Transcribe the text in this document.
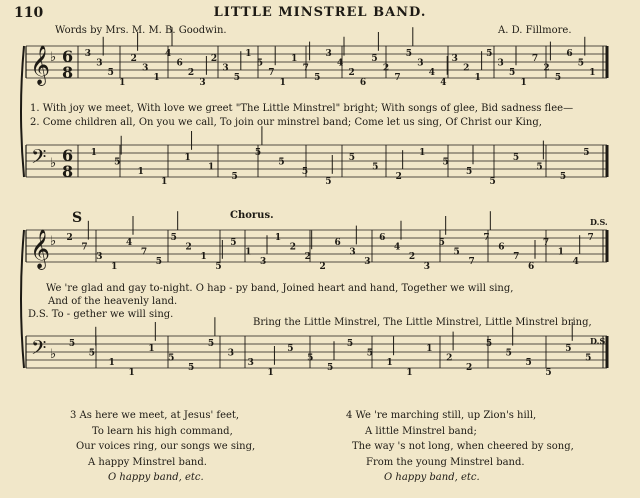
110	LITTLE MINSTREL BAND.
Words by Mrs. M. M. B. Goodwin.	A. D. Fillmore.
𝄞 ♭ 6
8
𝄢 ♭ 6
8
3
3
5
1
2
3
1
4
6
2
3
2
3
5
1
5
7
1
1
7
5
3
4
2
6
5
2
7
5
3
4
4
3
2
1
5
3
5
1
7
2
5
6
5
1
1
5
1
1
1
1
5
5
5
5
5
5
5
2
1
5
5
5
5
5
5
5
𝄞 ♭
𝄢 ♭
2
7
3
1
4
7
5
5
2
1
5
5
1
3
1
2
2
2
6
3
3
6
4
2
3
5
5
7
7
6
7
6
7
1
4
7
5
5
1
1
1
5
5
5
3
3
1
5
5
5
5
5
1
1
1
2
2
5
5
5
5
5
5
1. With joy we meet, With love we greet "The Little Minstrel" bright; With songs of glee, Bid sadness flee—
2. Come children all, On you we call, To join our minstrel band; Come let us sing, Of Christ our King,
Chorus.
S	D.S.
D.S.
We 're glad and gay to-night. O hap - py band, Joined heart and hand, Together we will sing,
And of the heavenly land.
D.S. To - gether we will sing.
Bring the Little Minstrel, The Little Minstrel, Little Minstrel bring,
3 As here we meet, at Jesus' feet,
To learn his high command,
Our voices ring, our songs we sing,
A happy Minstrel band.
O happy band, etc.
4 We 're marching still, up Zion's hill,
A little Minstrel band;
The way 's not long, when cheered by song,
From the young Minstrel band.
O happy band, etc.
